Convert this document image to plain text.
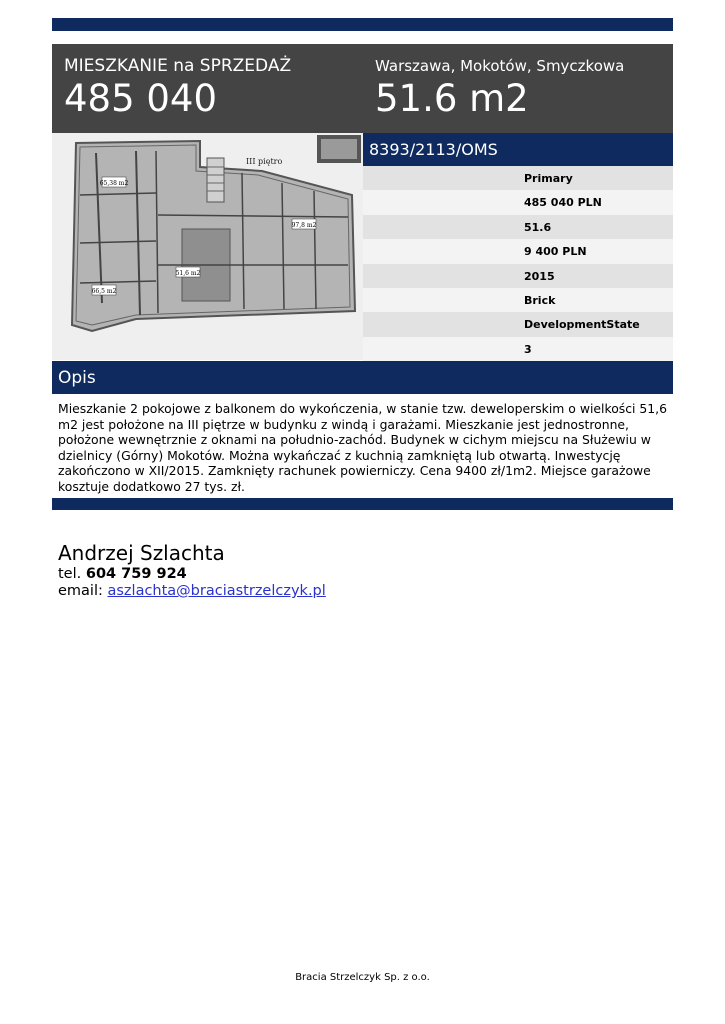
MIESZKANIE na SPRZEDAŻ
485 040
Warszawa, Mokotów, Smyczkowa
51.6 m2
65,38 m2
97,8 m2
51,6 m2
66,5 m2
III piętro
8393/2113/OMS
Primary
485 040 PLN
51.6
9 400 PLN
2015
Brick
DevelopmentState
3
Opis
Mieszkanie 2 pokojowe z balkonem do wykończenia, w stanie tzw. deweloperskim o wielkości 51,6 m2 jest położone na III piętrze w budynku z windą i garażami. Mieszkanie jest jednostronne, położone wewnętrznie z oknami na południo-zachód. Budynek w cichym miejscu na Służewiu w dzielnicy (Górny) Mokotów. Można wykańczać z kuchnią zamkniętą lub otwartą. Inwestycję zakończono w XII/2015. Zamknięty rachunek powierniczy. Cena 9400 zł/1m2. Miejsce garażowe kosztuje dodatkowo 27 tys. zł.
Andrzej Szlachta
tel. 604 759 924
email: aszlachta@braciastrzelczyk.pl
Bracia Strzelczyk Sp. z o.o.
